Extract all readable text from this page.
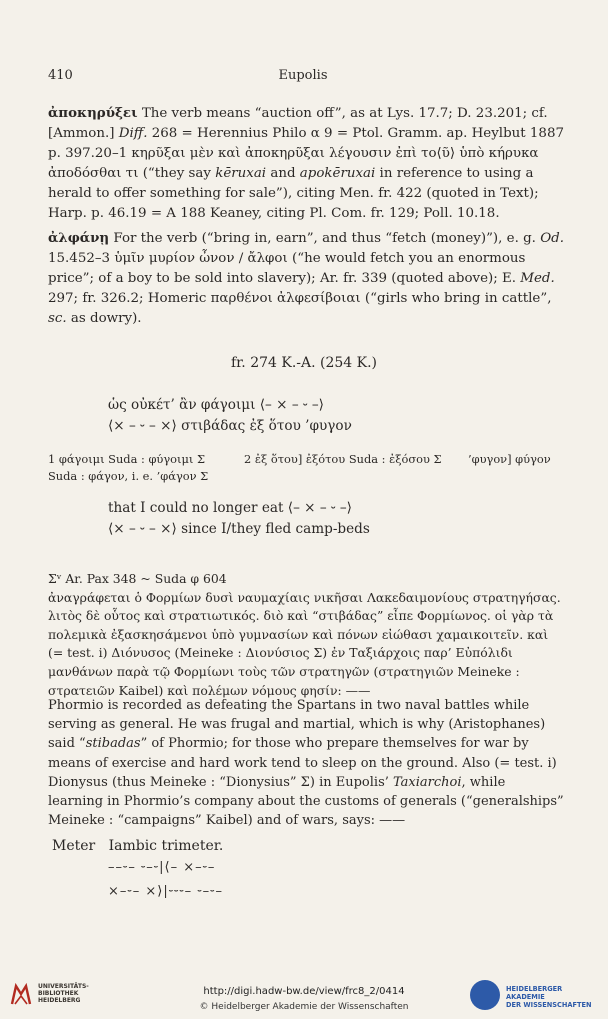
410	Eupolis
ἀποκηρύξει The verb means “auction off”, as at Lys. 17.7; D. 23.201; cf. [Ammon.] Diff. 268 = Herennius Philo α 9 = Ptol. Gramm. ap. Heylbut 1887 p. 397.20–1 κηρῦξαι μὲν καὶ ἀποκηρῦξαι λέγουσιν ἐπὶ το⟨ῦ⟩ ὑπὸ κήρυκα ἀποδόσθαι τι (“they say kēruxai and apokēruxai in reference to using a herald to offer something for sale”), citing Men. fr. 422 (quoted in Text); Harp. p. 46.19 = A 188 Keaney, citing Pl. Com. fr. 129; Poll. 10.18.
ἀλφάνῃ For the verb (“bring in, earn”, and thus “fetch (money)”), e. g. Od. 15.452–3 ὑμῖν μυρίον ὦνον / ἄλφοι (“he would fetch you an enormous price”; of a boy to be sold into slavery); Ar. fr. 339 (quoted above); E. Med. 297; fr. 326.2; Homeric παρθένοι ἀλφεσίβοιαι (“girls who bring in cattle”, sc. as dowry).
fr. 274 K.-A. (254 K.)
ὡς οὐκέτ’ ἂν φάγοιμι ⟨– × – ⏑ –⟩
⟨× – ⏑ – ×⟩ στιβάδας ἐξ ὅτου ’φυγον
1 φάγοιμι Suda : φύγοιμι Σ	2 ἐξ ὅτου] ἐξότου Suda : ἐξόσου Σ ’φυγον] φύγον
Suda : φάγον, i. e. ’φάγον Σ
that I could no longer eat ⟨– × – ⏑ –⟩
⟨× – ⏑ – ×⟩ since I/they fled camp-beds
Σᵛ Ar. Pax 348 ~ Suda φ 604
ἀναγράφεται ὁ Φορμίων δυσὶ ναυμαχίαις νικῆσαι Λακεδαιμονίους στρατηγήσας. λιτὸς δὲ οὗτος καὶ στρατιωτικός. διὸ καὶ “στιβάδας” εἶπε Φορμίωνος. οἱ γὰρ τὰ πολεμικὰ ἐξασκησάμενοι ὑπὸ γυμνασίων καὶ πόνων εἰώθασι χαμαικοιτεῖν. καὶ (= test. i) Διόνυσος (Meineke : Διονύσιος Σ) ἐν Ταξιάρχοις παρ’ Εὐπόλιδι μανθάνων παρὰ τῷ Φορμίωνι τοὺς τῶν στρατηγῶν (στρατηγιῶν Meineke : στρατειῶν Kaibel) καὶ πολέμων νόμους φησίν: ——
Phormio is recorded as defeating the Spartans in two naval battles while serving as general. He was frugal and martial, which is why (Aristophanes) said “stibadas” of Phormio; for those who prepare themselves for war by means of exercise and hard work tend to sleep on the ground. Also (= test. i) Dionysus (thus Meineke : “Dionysius” Σ) in Eupolis’ Taxiarchoi, while learning in Phormio’s company about the customs of generals (“generalships” Meineke : “campaigns” Kaibel) and of wars, says: ——
Meter Iambic trimeter.
––⏑– ⏑–⏑|⟨– ×–⏑–
×–⏑– ×⟩|⏑⏑⏑– ⏑–⏑–
UNIVERSITÄTS-
BIBLIOTHEK
HEIDELBERG
http://digi.hadw-bw.de/view/frc8_2/0414
© Heidelberger Akademie der Wissenschaften
HEIDELBERGER AKADEMIE
DER WISSENSCHAFTEN
